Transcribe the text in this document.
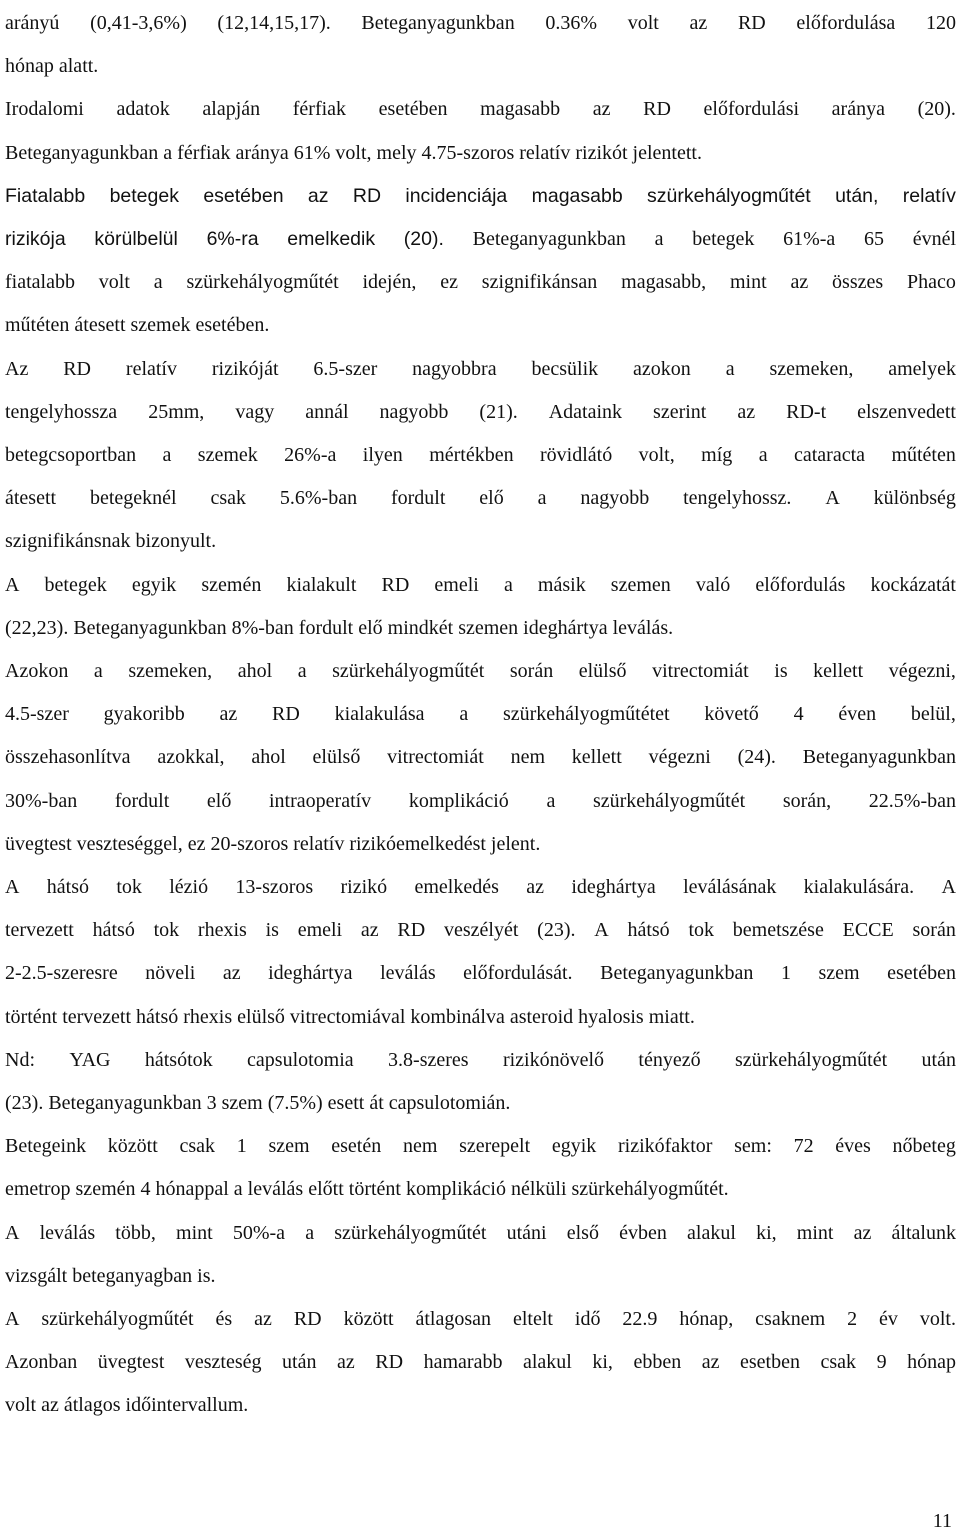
arányú (0,41-3,6%) (12,14,15,17). Beteganyagunkban 0.36% volt az RD előfordulása 120
hónap alatt.
Irodalomi adatok alapján férfiak esetében magasabb az RD előfordulási aránya (20).
Beteganyagunkban a férfiak aránya 61% volt, mely 4.75-szoros relatív rizikót jelentett.
Fiatalabb betegek esetében az RD incidenciája magasabb szürkehályogműtét után, relatív
rizikója körülbelül 6%-ra emelkedik (20). Beteganyagunkban a betegek 61%-a 65 évnél
fiatalabb volt a szürkehályogműtét idején, ez szignifikánsan magasabb, mint az összes Phaco
műtéten átesett szemek esetében.
Az RD relatív rizikóját 6.5-szer nagyobbra becsülik azokon a szemeken, amelyek
tengelyhossza 25mm, vagy annál nagyobb (21). Adataink szerint az RD-t elszenvedett
betegcsoportban a szemek 26%-a ilyen mértékben rövidlátó volt, míg a cataracta műtéten
átesett betegeknél csak 5.6%-ban fordult elő a nagyobb tengelyhossz. A különbség
szignifikánsnak bizonyult.
A betegek egyik szemén kialakult RD emeli a másik szemen való előfordulás kockázatát
(22,23). Beteganyagunkban 8%-ban fordult elő mindkét szemen ideghártya leválás.
Azokon a szemeken, ahol a szürkehályogműtét során elülső vitrectomiát is kellett végezni,
4.5-szer gyakoribb az RD kialakulása a szürkehályogműtétet követő 4 éven belül,
összehasonlítva azokkal, ahol elülső vitrectomiát nem kellett végezni (24). Beteganyagunkban
30%-ban fordult elő intraoperatív komplikáció a szürkehályogműtét során, 22.5%-ban
üvegtest veszteséggel, ez 20-szoros relatív rizikóemelkedést jelent.
A hátsó tok lézió 13-szoros rizikó emelkedés az ideghártya leválásának kialakulására. A
tervezett hátsó tok rhexis is emeli az RD veszélyét (23). A hátsó tok bemetszése ECCE során
2-2.5-szeresre növeli az ideghártya leválás előfordulását. Beteganyagunkban 1 szem esetében
történt tervezett hátsó rhexis elülső vitrectomiával kombinálva asteroid hyalosis miatt.
Nd: YAG hátsótok capsulotomia 3.8-szeres rizikónövelő tényező szürkehályogműtét után
(23). Beteganyagunkban 3 szem (7.5%) esett át capsulotomián.
Betegeink között csak 1 szem esetén nem szerepelt egyik rizikófaktor sem: 72 éves nőbeteg
emetrop szemén 4 hónappal a leválás előtt történt komplikáció nélküli szürkehályogműtét.
A leválás több, mint 50%-a a szürkehályogműtét utáni első évben alakul ki, mint az általunk
vizsgált beteganyagban is.
A szürkehályogműtét és az RD között átlagosan eltelt idő 22.9 hónap, csaknem 2 év volt.
Azonban üvegtest veszteség után az RD hamarabb alakul ki, ebben az esetben csak 9 hónap
volt az átlagos időintervallum.
11
